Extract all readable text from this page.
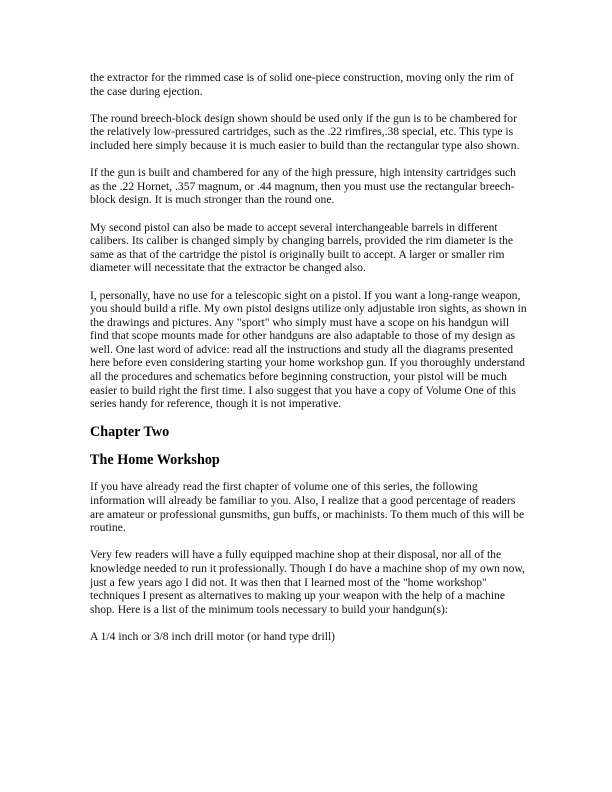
the extractor for the rimmed case is of solid one-piece construction, moving only the rim of the case during ejection.

The round breech-block design shown should be used only if the gun is to be chambered for the relatively low-pressured cartridges, such as the .22 rimfires,.38 special, etc. This type is included here simply because it is much easier to build than the rectangular type also shown.

If the gun is built and chambered for any of the high pressure, high intensity cartridges such as the .22 Hornet, .357 magnum, or .44 magnum, then you must use the rectangular breech-block design. It is much stronger than the round one.

My second pistol can also be made to accept several interchangeable barrels in different calibers. Its caliber is changed simply by changing barrels, provided the rim diameter is the same as that of the cartridge the pistol is originally built to accept. A larger or smaller rim diameter will necessitate that the extractor be changed also.

I, personally, have no use for a telescopic sight on a pistol. If you want a long-range weapon, you should build a rifle. My own pistol designs utilize only adjustable iron sights, as shown in the drawings and pictures. Any "sport" who simply must have a scope on his handgun will find that scope mounts made for other handguns are also adaptable to those of my design as well. One last word of advice: read all the instructions and study all the diagrams presented here before even considering starting your home workshop gun. If you thoroughly understand all the procedures and schematics before beginning construction, your pistol will be much easier to build right the first time. I also suggest that you have a copy of Volume One of this series handy for reference, though it is not imperative.

Chapter Two
The Home Workshop

If you have already read the first chapter of volume one of this series, the following information will already be familiar to you. Also, I realize that a good percentage of readers are amateur or professional gunsmiths, gun buffs, or machinists. To them much of this will be routine.

Very few readers will have a fully equipped machine shop at their disposal, nor all of the knowledge needed to run it professionally. Though I do have a machine shop of my own now, just a few years ago I did not. It was then that I learned most of the "home workshop" techniques I present as alternatives to making up your weapon with the help of a machine shop. Here is a list of the minimum tools necessary to build your handgun(s):

A 1/4 inch or 3/8 inch drill motor (or hand type drill)
